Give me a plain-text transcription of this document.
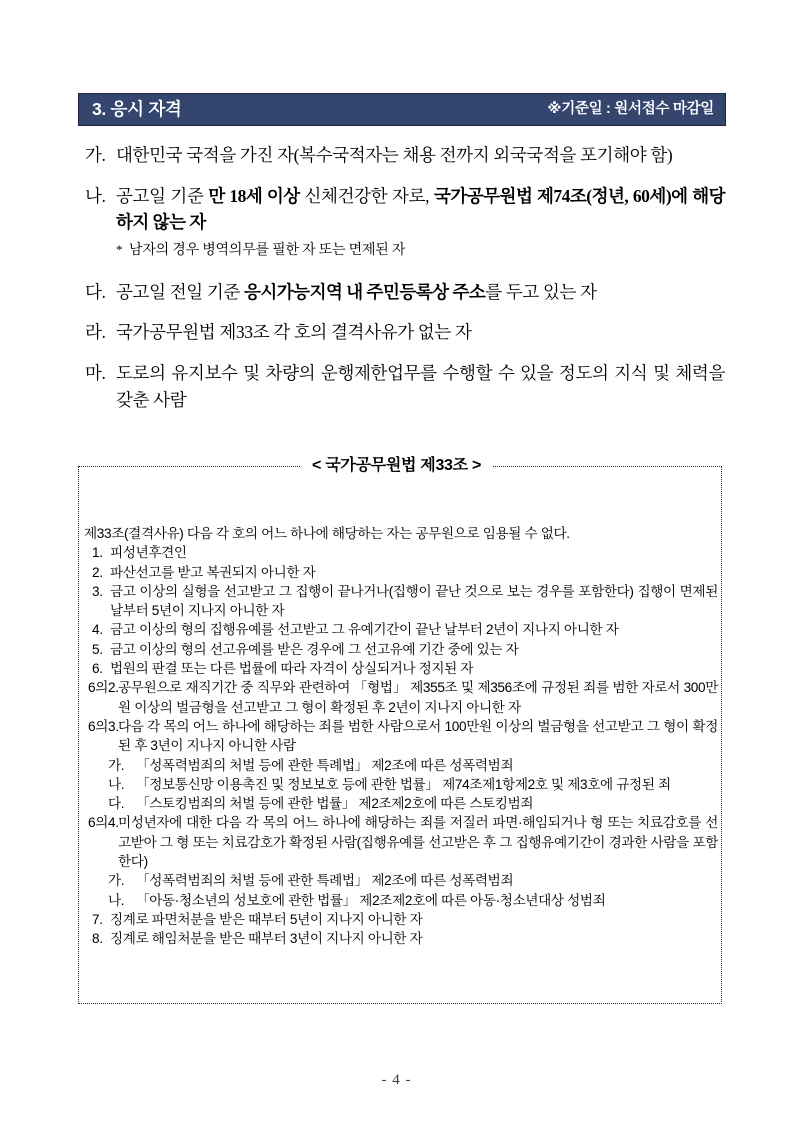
3. 응시 자격	※기준일 : 원서접수 마감일
가. 대한민국 국적을 가진 자(복수국적자는 채용 전까지 외국국적을 포기해야 함)
나. 공고일 기준 만 18세 이상 신체건강한 자로, 국가공무원법 제74조(정년, 60세)에 해당하지 않는 자
* 남자의 경우 병역의무를 필한 자 또는 면제된 자
다. 공고일 전일 기준 응시가능지역 내 주민등록상 주소를 두고 있는 자
라. 국가공무원법 제33조 각 호의 결격사유가 없는 자
마. 도로의 유지보수 및 차량의 운행제한업무를 수행할 수 있을 정도의 지식 및 체력을 갖춘 사람
< 국가공무원법 제33조 >
제33조(결격사유) 다음 각 호의 어느 하나에 해당하는 자는 공무원으로 임용될 수 없다.
1. 피성년후견인
2. 파산선고를 받고 복권되지 아니한 자
3. 금고 이상의 실형을 선고받고 그 집행이 끝나거나(집행이 끝난 것으로 보는 경우를 포함한다) 집행이 면제된 날부터 5년이 지나지 아니한 자
4. 금고 이상의 형의 집행유예를 선고받고 그 유예기간이 끝난 날부터 2년이 지나지 아니한 자
5. 금고 이상의 형의 선고유예를 받은 경우에 그 선고유예 기간 중에 있는 자
6. 법원의 판결 또는 다른 법률에 따라 자격이 상실되거나 정지된 자
6의2. 공무원으로 재직기간 중 직무와 관련하여 「형법」 제355조 및 제356조에 규정된 죄를 범한 자로서 300만원 이상의 벌금형을 선고받고 그 형이 확정된 후 2년이 지나지 아니한 자
6의3. 다음 각 목의 어느 하나에 해당하는 죄를 범한 사람으로서 100만원 이상의 벌금형을 선고받고 그 형이 확정된 후 3년이 지나지 아니한 사람
가. 「성폭력범죄의 처벌 등에 관한 특례법」 제2조에 따른 성폭력범죄
나. 「정보통신망 이용촉진 및 정보보호 등에 관한 법률」 제74조제1항제2호 및 제3호에 규정된 죄
다. 「스토킹범죄의 처벌 등에 관한 법률」 제2조제2호에 따른 스토킹범죄
6의4. 미성년자에 대한 다음 각 목의 어느 하나에 해당하는 죄를 저질러 파면·해임되거나 형 또는 치료감호를 선고받아 그 형 또는 치료감호가 확정된 사람(집행유예를 선고받은 후 그 집행유예기간이 경과한 사람을 포함한다)
가. 「성폭력범죄의 처벌 등에 관한 특례법」 제2조에 따른 성폭력범죄
나. 「아동·청소년의 성보호에 관한 법률」 제2조제2호에 따른 아동·청소년대상 성범죄
7. 징계로 파면처분을 받은 때부터 5년이 지나지 아니한 자
8. 징계로 해임처분을 받은 때부터 3년이 지나지 아니한 자
- 4 -
